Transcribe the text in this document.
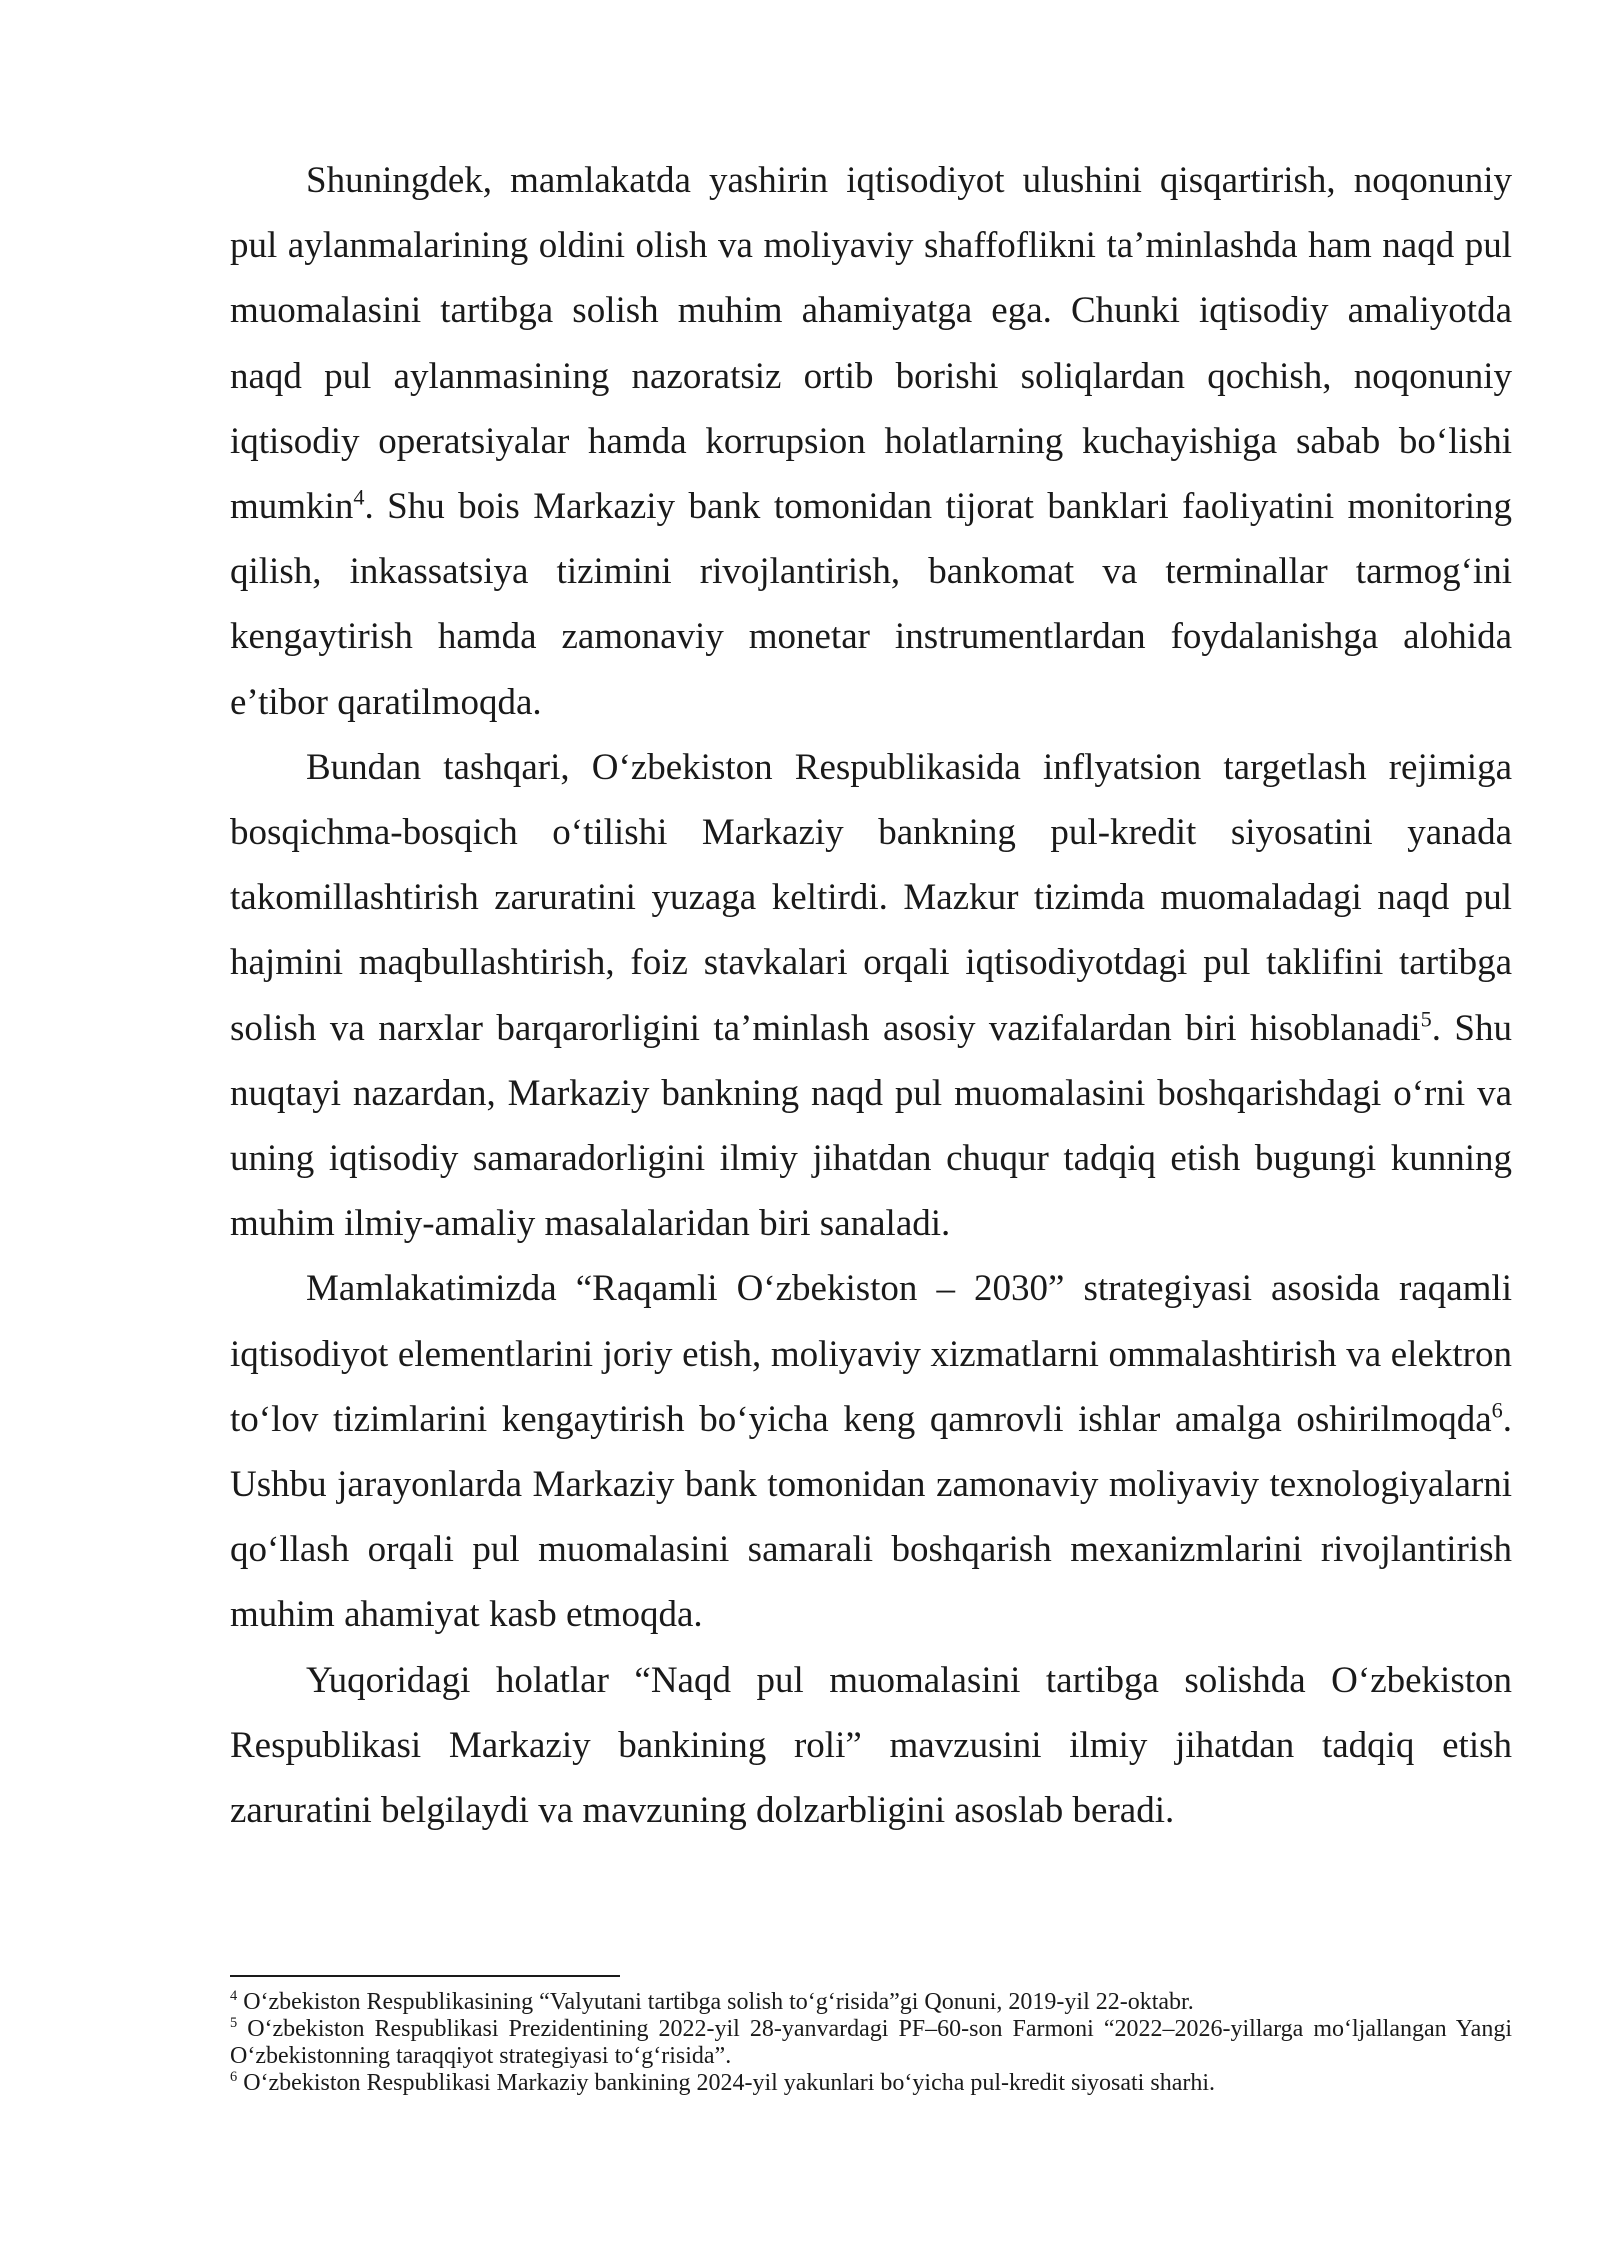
Shuningdek, mamlakatda yashirin iqtisodiyot ulushini qisqartirish, noqonuniy pul aylanmalarining oldini olish va moliyaviy shaffoflikni ta’minlashda ham naqd pul muomalasini tartibga solish muhim ahamiyatga ega. Chunki iqtisodiy amaliyotda naqd pul aylanmasining nazoratsiz ortib borishi soliqlardan qochish, noqonuniy iqtisodiy operatsiyalar hamda korrupsion holatlarning kuchayishiga sabab bo‘lishi mumkin$^4$. Shu bois Markaziy bank tomonidan tijorat banklari faoliyatini monitoring qilish, inkassatsiya tizimini rivojlantirish, bankomat va terminallar tarmog‘ini kengaytirish hamda zamonaviy monetar instrumentlardan foydalanishga alohida e’tibor qaratilmoqda.

Bundan tashqari, O‘zbekiston Respublikasida inflyatsion targetlash rejimiga bosqichma-bosqich o‘tilishi Markaziy bankning pul-kredit siyosatini yanada takomillashtirish zaruratini yuzaga keltirdi. Mazkur tizimda muomaladagi naqd pul hajmini maqbullashtirish, foiz stavkalari orqali iqtisodiyotdagi pul taklifini tartibga solish va narxlar barqarorligini ta’minlash asosiy vazifalardan biri hisoblanadi$^5$. Shu nuqtayi nazardan, Markaziy bankning naqd pul muomalasini boshqarishdagi o‘rni va uning iqtisodiy samaradorligini ilmiy jihatdan chuqur tadqiq etish bugungi kunning muhim ilmiy-amaliy masalalaridan biri sanaladi.

Mamlakatimizda “Raqamli O‘zbekiston – 2030” strategiyasi asosida raqamli iqtisodiyot elementlarini joriy etish, moliyaviy xizmatlarni ommalashtirish va elektron to‘lov tizimlarini kengaytirish bo‘yicha keng qamrovli ishlar amalga oshirilmoqda$^6$. Ushbu jarayonlarda Markaziy bank tomonidan zamonaviy moliyaviy texnologiyalarni qo‘llash orqali pul muomalasini samarali boshqarish mexanizmlarini rivojlantirish muhim ahamiyat kasb etmoqda.

Yuqoridagi holatlar “Naqd pul muomalasini tartibga solishda O‘zbekiston Respublikasi Markaziy bankining roli” mavzusini ilmiy jihatdan tadqiq etish zaruratini belgilaydi va mavzuning dolzarbligini asoslab beradi.

$^4$ O‘zbekiston Respublikasining “Valyutani tartibga solish to‘g‘risida”gi Qonuni, 2019-yil 22-oktabr.

$^5$ O‘zbekiston Respublikasi Prezidentining 2022-yil 28-yanvardagi PF–60-son Farmoni “2022–2026-yillarga mo‘ljallangan Yangi O‘zbekistonning taraqqiyot strategiyasi to‘g‘risida”.

$^6$ O‘zbekiston Respublikasi Markaziy bankining 2024-yil yakunlari bo‘yicha pul-kredit siyosati sharhi.
